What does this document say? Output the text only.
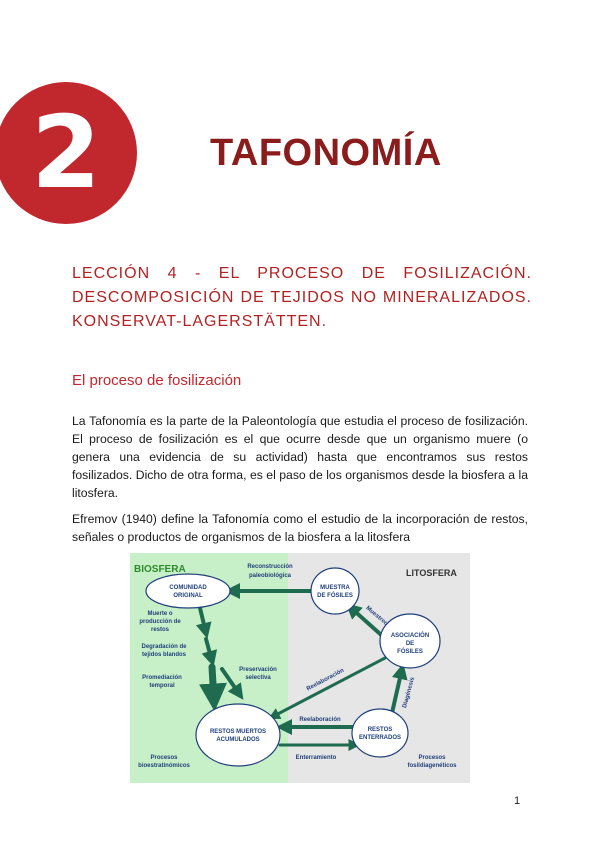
2	TAFONOMÍA
LECCIÓN 4 - EL PROCESO DE FOSILIZACIÓN.
DESCOMPOSICIÓN DE TEJIDOS NO MINERALIZADOS.
KONSERVAT-LAGERSTÄTTEN.
El proceso de fosilización

La Tafonomía es la parte de la Paleontología que estudia el proceso de fosilización. El proceso de fosilización es el que ocurre desde que un organismo muere (o genera una evidencia de su actividad) hasta que encontramos sus restos fosilizados. Dicho de otra forma, es el paso de los organismos desde la biosfera a la litosfera.

Efremov (1940) define la Tafonomía como el estudio de la incorporación de restos, señales o productos de organismos de la biosfera a la litosfera

BIOSFERA	LITOSFERA
COMUNIDAD
ORIGINAL
MUESTRA
DE FÓSILES
ASOCIACIÓN
DE
FÓSILES
RESTOS MUERTOS
ACUMULADOS
RESTOS
ENTERRADOS
Reconstrucción
paleobiológica
Muerte o
producción de
restos
Degradación de
tejidos blandos
Preservación
selectiva
Promediación
temporal
Reelaboración
Enterramiento
Procesos
bioestratinómicos
Procesos
fosildiagenéticos
Muestreo
Reelaboración	Diagénesis
1
